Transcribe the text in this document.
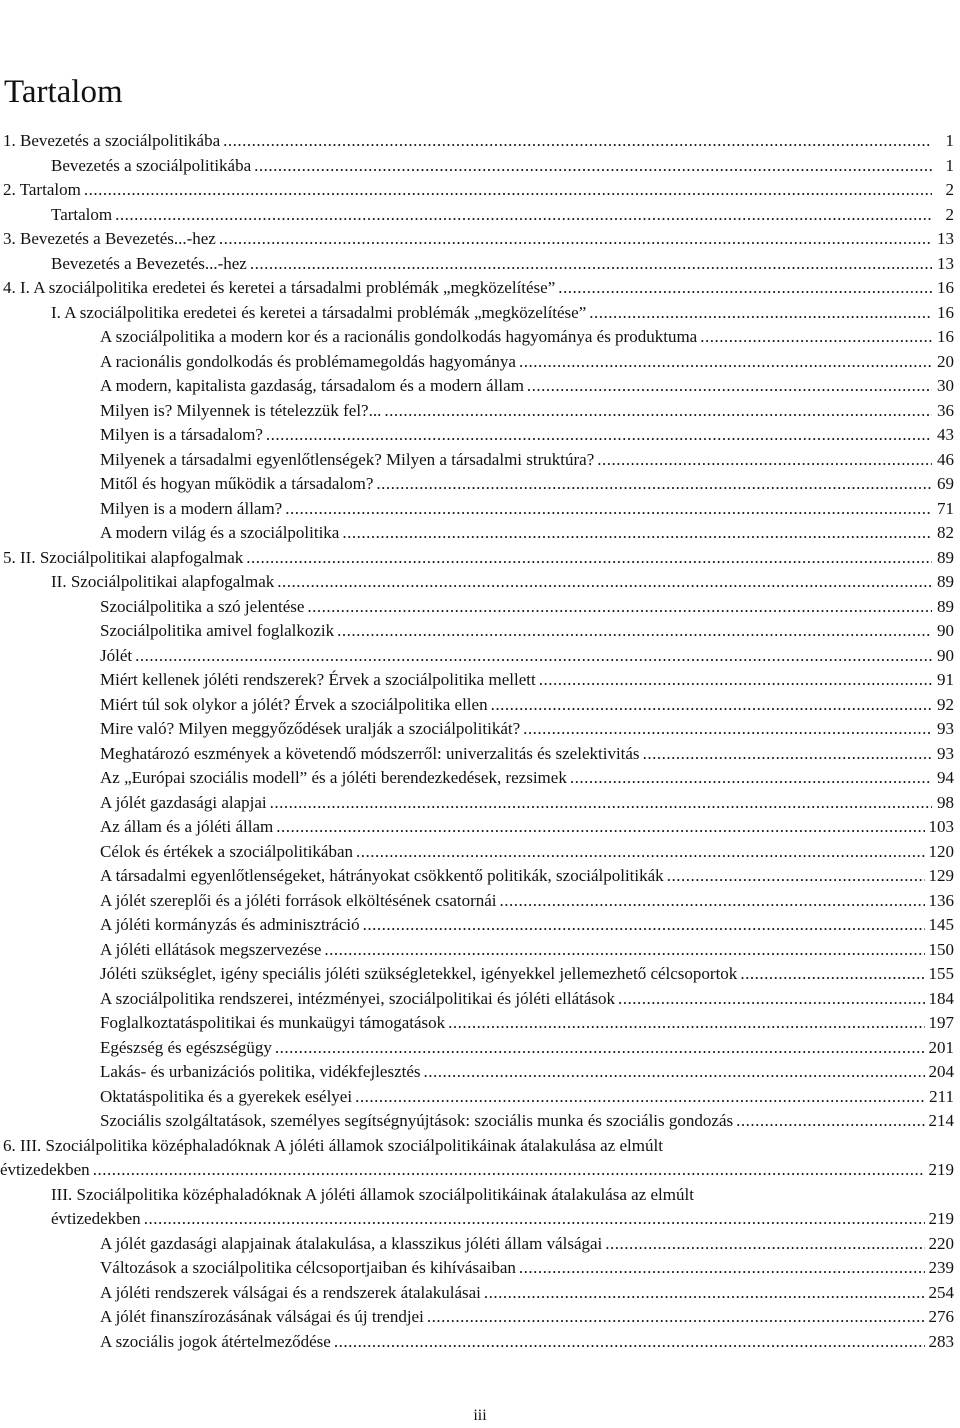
Tartalom
1. Bevezetés a szociálpolitikába .....	1
Bevezetés a szociálpolitikába .....	1
2. Tartalom .....	2
Tartalom .....	2
3. Bevezetés a Bevezetés...-hez .....	13
Bevezetés a Bevezetés...-hez .....	13
4. I. A szociálpolitika eredetei és keretei a társadalmi problémák „megközelítése” .....	16
I. A szociálpolitika eredetei és keretei a társadalmi problémák „megközelítése” .....	16
A szociálpolitika a modern kor és a racionális gondolkodás hagyománya és produktuma .....	16
A racionális gondolkodás és problémamegoldás hagyománya .....	20
A modern, kapitalista gazdaság, társadalom és a modern állam .....	30
Milyen is? Milyennek is tételezzük fel?... .....	36
Milyen is a társadalom? .....	43
Milyenek a társadalmi egyenlőtlenségek? Milyen a társadalmi struktúra? .....	46
Mitől és hogyan működik a társadalom? .....	69
Milyen is a modern állam? .....	71
A modern világ és a szociálpolitika .....	82
5. II. Szociálpolitikai alapfogalmak .....	89
II. Szociálpolitikai alapfogalmak .....	89
Szociálpolitika a szó jelentése .....	89
Szociálpolitika amivel foglalkozik .....	90
Jólét .....	90
Miért kellenek jóléti rendszerek? Érvek a szociálpolitika mellett .....	91
Miért túl sok olykor a jólét? Érvek a szociálpolitika ellen .....	92
Mire való? Milyen meggyőződések uralják a szociálpolitikát? .....	93
Meghatározó eszmények a követendő módszerről: univerzalitás és szelektivitás .....	93
Az „Európai szociális modell” és a jóléti berendezkedések, rezsimek .....	94
A jólét gazdasági alapjai .....	98
Az állam és a jóléti állam .....	103
Célok és értékek a szociálpolitikában .....	120
A társadalmi egyenlőtlenségeket, hátrányokat csökkentő politikák, szociálpolitikák .....	129
A jólét szereplői és a jóléti források elköltésének csatornái .....	136
A jóléti kormányzás és adminisztráció .....	145
A jóléti ellátások megszervezése .....	150
Jóléti szükséglet, igény speciális jóléti szükségletekkel, igényekkel jellemezhető célcsoportok .....	155
A szociálpolitika rendszerei, intézményei, szociálpolitikai és jóléti ellátások .....	184
Foglalkoztatáspolitikai és munkaügyi támogatások .....	197
Egészség és egészségügy .....	201
Lakás- és urbanizációs politika, vidékfejlesztés .....	204
Oktatáspolitika és a gyerekek esélyei .....	211
Szociális szolgáltatások, személyes segítségnyújtások: szociális munka és szociális gondozás .....	214
6. III. Szociálpolitika középhaladóknak A jóléti államok szociálpolitikáinak átalakulása az elmúlt
évtizedekben .....	219
III. Szociálpolitika középhaladóknak A jóléti államok szociálpolitikáinak átalakulása az elmúlt
évtizedekben .....	219
A jólét gazdasági alapjainak átalakulása, a klasszikus jóléti állam válságai .....	220
Változások a szociálpolitika célcsoportjaiban és kihívásaiban .....	239
A jóléti rendszerek válságai és a rendszerek átalakulásai .....	254
A jólét finanszírozásának válságai és új trendjei .....	276
A szociális jogok átértelmeződése .....	283
iii
